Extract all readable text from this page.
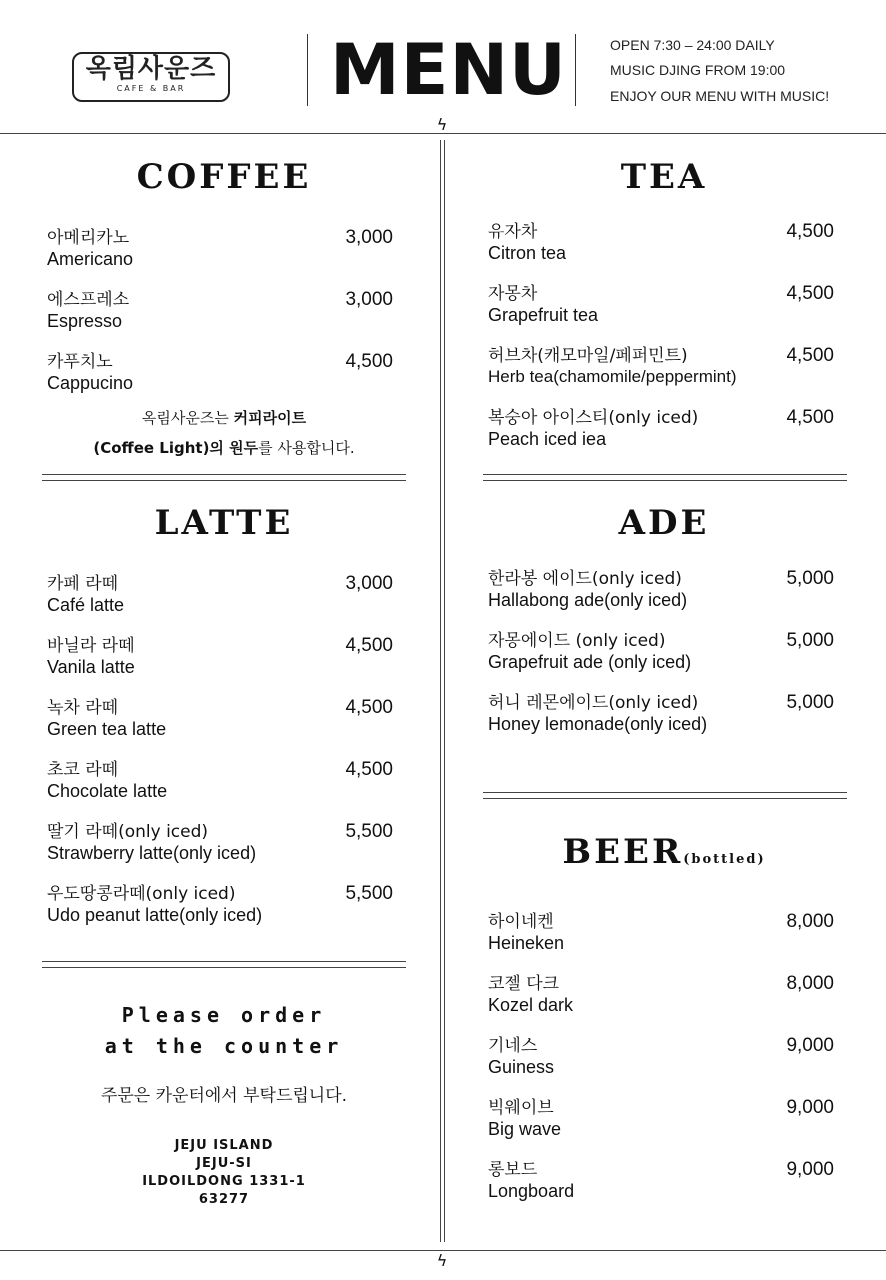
옥림사운즈
CAFE & BAR	MENU	OPEN 7:30 – 24:00 DAILY
MUSIC DJING FROM 19:00
ENJOY OUR MENU WITH MUSIC!
ϟ
ϟ
COFFEE
아메리카노
Americano
3,000
에스프레소
Espresso
3,000
카푸치노
Cappucino
4,500
옥림사운즈는 커피라이트
(Coffee Light)의 원두를 사용합니다.
LATTE
카페 라떼
Café latte
3,000
바닐라 라떼
Vanila latte
4,500
녹차 라떼
Green tea latte
4,500
초코 라떼
Chocolate latte
4,500
딸기 라떼(only iced)
Strawberry latte(only iced)
5,500
우도땅콩라떼(only iced)
Udo peanut latte(only iced)
5,500
Please order
at the counter
주문은 카운터에서 부탁드립니다.
JEJU ISLAND
JEJU-SI
ILDOILDONG 1331-1
63277
TEA
유자차
Citron tea
4,500
자몽차
Grapefruit tea
4,500
허브차(캐모마일/페퍼민트)
Herb tea(chamomile/peppermint)
4,500
복숭아 아이스티(only iced)
Peach iced iea
4,500
ADE
한라봉 에이드(only iced)
Hallabong ade(only iced)
5,000
자몽에이드 (only iced)
Grapefruit ade (only iced)
5,000
허니 레몬에이드(only iced)
Honey lemonade(only iced)
5,000
BEER(bottled)
하이네켄
Heineken
8,000
코젤 다크
Kozel dark
8,000
기네스
Guiness
9,000
빅웨이브
Big wave
9,000
롱보드
Longboard
9,000
